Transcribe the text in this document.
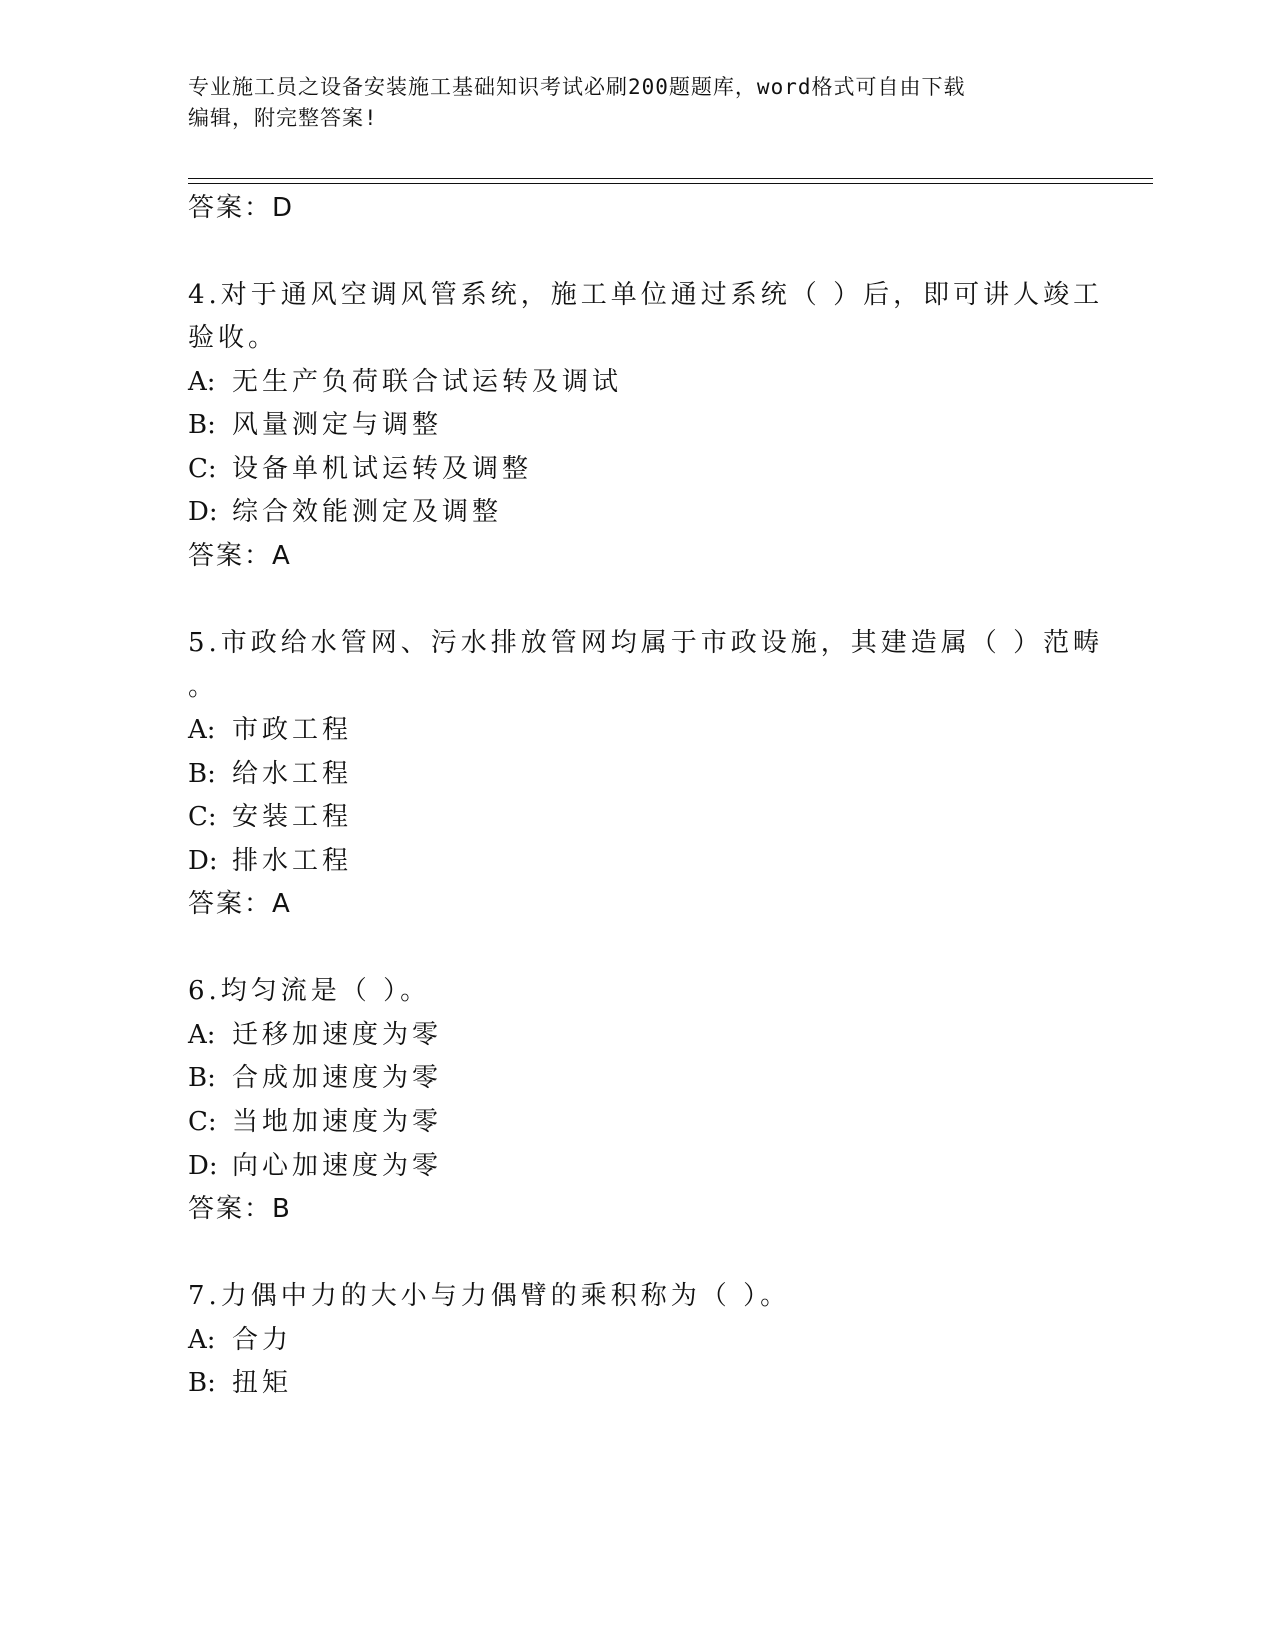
专业施工员之设备安装施工基础知识考试必刷200题题库，word格式可自由下载
编辑，附完整答案!
答案：D
4.对于通风空调风管系统，施工单位通过系统（ ）后，即可讲人竣工
验收。
A: 无生产负荷联合试运转及调试
B: 风量测定与调整
C: 设备单机试运转及调整
D: 综合效能测定及调整
答案：A
5.市政给水管网、污水排放管网均属于市政设施，其建造属（ ）范畴
。
A: 市政工程
B: 给水工程
C: 安装工程
D: 排水工程
答案：A
6.均匀流是（ ）。
A: 迁移加速度为零
B: 合成加速度为零
C: 当地加速度为零
D: 向心加速度为零
答案：B
7.力偶中力的大小与力偶臂的乘积称为（ ）。
A: 合力
B: 扭矩
